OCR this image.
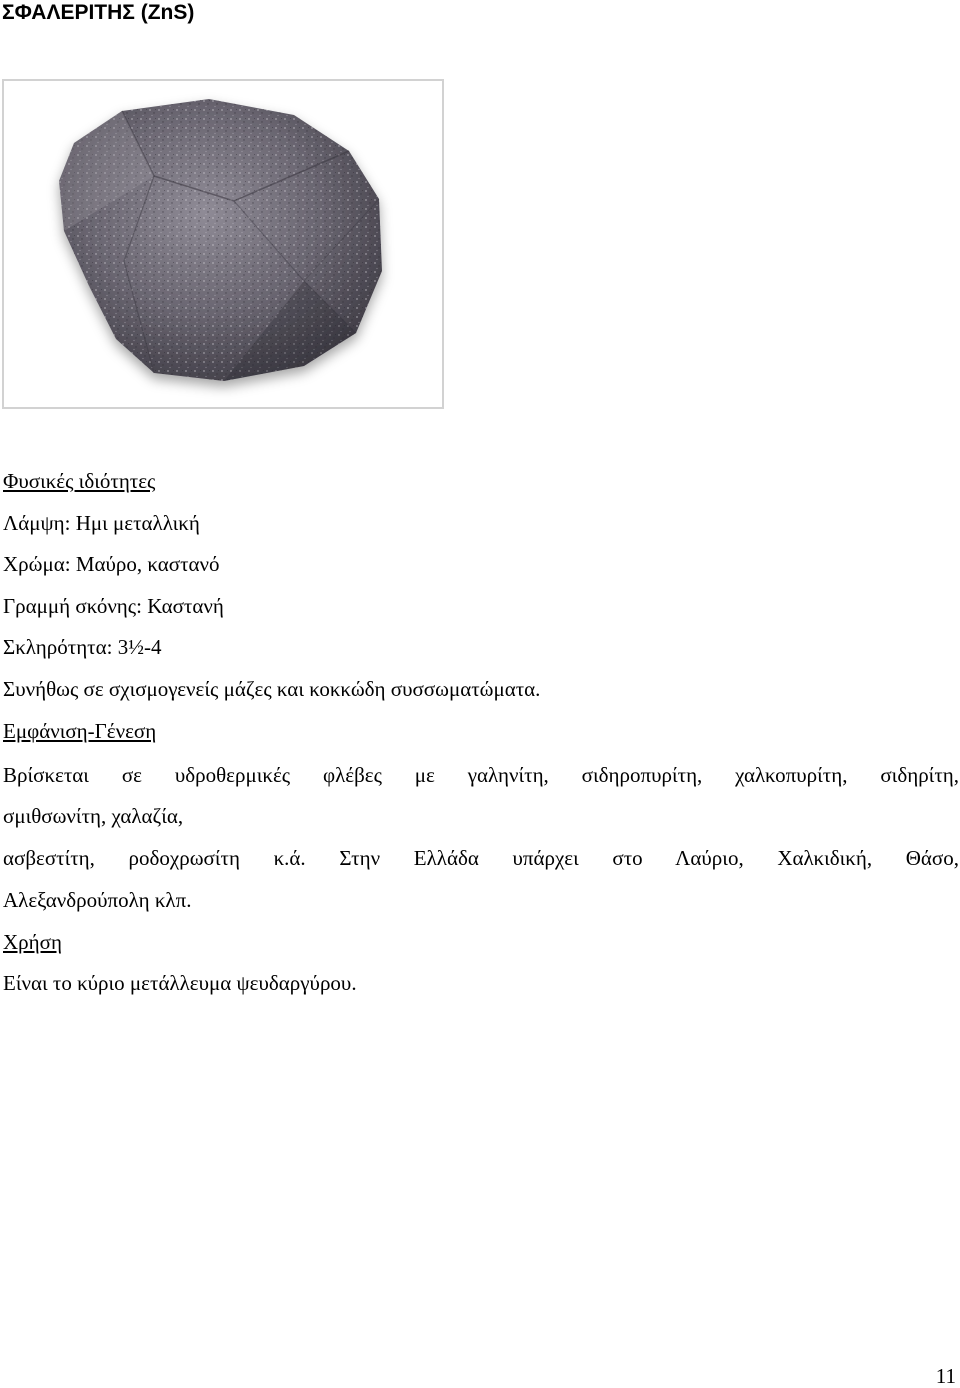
ΣΦΑΛΕΡΙΤΗΣ (ZnS)
Φυσικές ιδιότητες
Λάμψη: Ημι μεταλλική
Χρώμα: Μαύρο, καστανό
Γραμμή σκόνης: Καστανή
Σκληρότητα: 3½-4
Συνήθως σε σχισμογενείς μάζες και κοκκώδη συσσωματώματα.
Εμφάνιση-Γένεση
Βρίσκεται σε υδροθερμικές φλέβες με γαληνίτη, σιδηροπυρίτη, χαλκοπυρίτη, σιδηρίτη,
σμιθσωνίτη, χαλαζία,
ασβεστίτη, ροδοχρωσίτη κ.ά. Στην Ελλάδα υπάρχει στο Λαύριο, Χαλκιδική, Θάσο,
Αλεξανδρούπολη κλπ.
Χρήση
Είναι το κύριο μετάλλευμα ψευδαργύρου.
11
